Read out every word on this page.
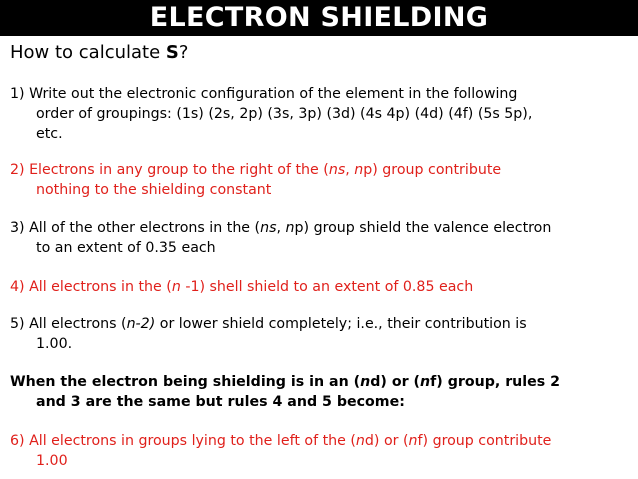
ELECTRON SHIELDING
How to calculate S?
1) Write out the electronic configuration of the element in the following
order of groupings: (1s) (2s, 2p) (3s, 3p) (3d) (4s 4p) (4d) (4f) (5s 5p),
etc.
2) Electrons in any group to the right of the (ns, np) group contribute
nothing to the shielding constant
3) All of the other electrons in the (ns, np) group shield the valence electron
to an extent of 0.35 each
4) All electrons in the (n -1) shell shield to an extent of 0.85 each
5) All electrons (n-2) or lower shield completely; i.e., their contribution is
1.00.
When the electron being shielding is in an (nd) or (nf) group, rules 2
and 3 are the same but rules 4 and 5 become:
6) All electrons in groups lying to the left of the (nd) or (nf) group contribute
1.00
